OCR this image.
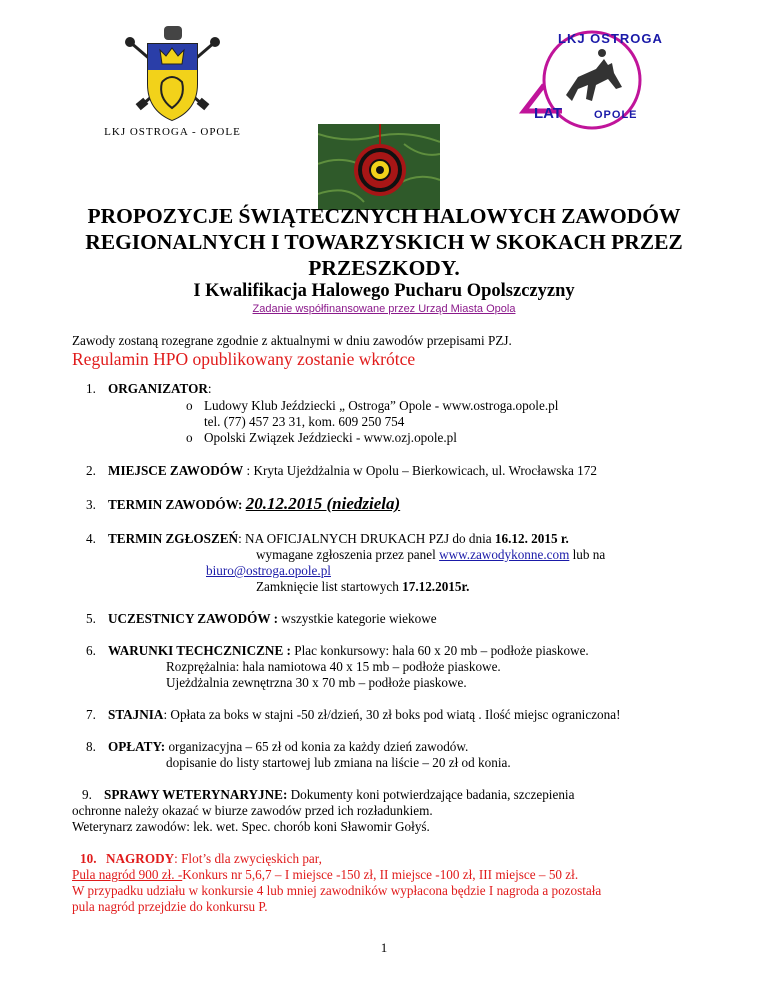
LKJ OSTROGA - OPOLE
LKJ OSTROGA
LAT	OPOLE
PROPOZYCJE ŚWIĄTECZNYCH HALOWYCH ZAWODÓW
REGIONALNYCH I TOWARZYSKICH W SKOKACH PRZEZ
PRZESZKODY.
I Kwalifikacja Halowego Pucharu Opolszczyzny
Zadanie współfinansowane przez Urząd Miasta Opola
Zawody zostaną rozegrane zgodnie z aktualnymi w dniu zawodów przepisami PZJ.
Regulamin HPO opublikowany zostanie wkrótce
1. ORGANIZATOR:
o Ludowy Klub Jeździecki „ Ostroga” Opole - www.ostroga.opole.pl
tel. (77) 457 23 31, kom. 609 250 754
o Opolski Związek Jeździecki - www.ozj.opole.pl
2. MIEJSCE ZAWODÓW : Kryta Ujeżdżalnia w Opolu – Bierkowicach, ul. Wrocławska 172
3. TERMIN ZAWODÓW: 20.12.2015 (niedziela)
4. TERMIN ZGŁOSZEŃ: NA OFICJALNYCH DRUKACH PZJ do dnia 16.12. 2015 r.
wymagane zgłoszenia przez panel www.zawodykonne.com lub na
biuro@ostroga.opole.pl
Zamknięcie list startowych 17.12.2015r.
5. UCZESTNICY ZAWODÓW : wszystkie kategorie wiekowe
6. WARUNKI TECHCZNICZNE : Plac konkursowy: hala 60 x 20 mb – podłoże piaskowe.
Rozprężalnia: hala namiotowa 40 x 15 mb – podłoże piaskowe.
Ujeżdżalnia zewnętrzna 30 x 70 mb – podłoże piaskowe.
7. STAJNIA: Opłata za boks w stajni -50 zł/dzień, 30 zł boks pod wiatą . Ilość miejsc ograniczona!
8. OPŁATY: organizacyjna – 65 zł od konia za każdy dzień zawodów.
dopisanie do listy startowej lub zmiana na liście – 20 zł od konia.
9. SPRAWY WETERYNARYJNE: Dokumenty koni potwierdzające badania, szczepienia
ochronne należy okazać w biurze zawodów przed ich rozładunkiem.
Weterynarz zawodów: lek. wet. Spec. chorób koni Sławomir Gołyś.
10. NAGRODY: Flot’s dla zwycięskich par,
Pula nagród 900 zł. -Konkurs nr 5,6,7 – I miejsce -150 zł, II miejsce -100 zł, III miejsce – 50 zł.
W przypadku udziału w konkursie 4 lub mniej zawodników wypłacona będzie I nagroda a pozostała
pula nagród przejdzie do konkursu P.
1
